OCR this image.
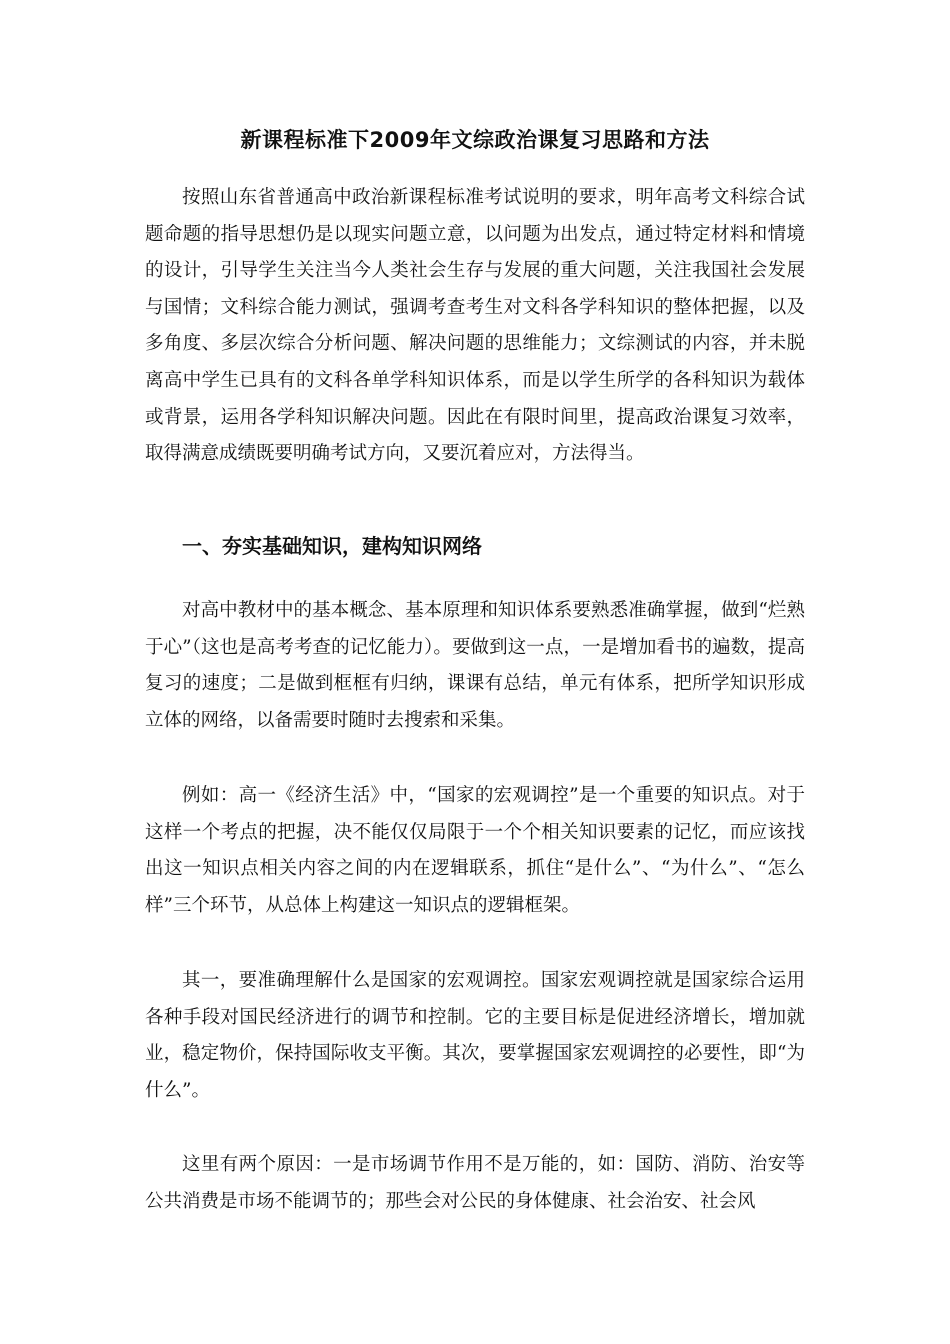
新课程标准下2009年文综政治课复习思路和方法

按照山东省普通高中政治新课程标准考试说明的要求，明年高考文科综合试题命题的指导思想仍是以现实问题立意，以问题为出发点，通过特定材料和情境的设计，引导学生关注当今人类社会生存与发展的重大问题，关注我国社会发展与国情；文科综合能力测试，强调考查考生对文科各学科知识的整体把握，以及多角度、多层次综合分析问题、解决问题的思维能力；文综测试的内容，并未脱离高中学生已具有的文科各单学科知识体系，而是以学生所学的各科知识为载体或背景，运用各学科知识解决问题。因此在有限时间里，提高政治课复习效率，取得满意成绩既要明确考试方向，又要沉着应对，方法得当。

一、夯实基础知识，建构知识网络

对高中教材中的基本概念、基本原理和知识体系要熟悉准确掌握，做到“烂熟于心”（这也是高考考查的记忆能力）。要做到这一点，一是增加看书的遍数，提高复习的速度；二是做到框框有归纳，课课有总结，单元有体系，把所学知识形成立体的网络，以备需要时随时去搜索和采集。

例如：高一《经济生活》中，“国家的宏观调控”是一个重要的知识点。对于这样一个考点的把握，决不能仅仅局限于一个个相关知识要素的记忆，而应该找出这一知识点相关内容之间的内在逻辑联系，抓住“是什么”、“为什么”、“怎么样”三个环节，从总体上构建这一知识点的逻辑框架。

其一，要准确理解什么是国家的宏观调控。国家宏观调控就是国家综合运用各种手段对国民经济进行的调节和控制。它的主要目标是促进经济增长，增加就业，稳定物价，保持国际收支平衡。其次，要掌握国家宏观调控的必要性，即“为什么”。

这里有两个原因：一是市场调节作用不是万能的，如：国防、消防、治安等公共消费是市场不能调节的；那些会对公民的身体健康、社会治安、社会风
